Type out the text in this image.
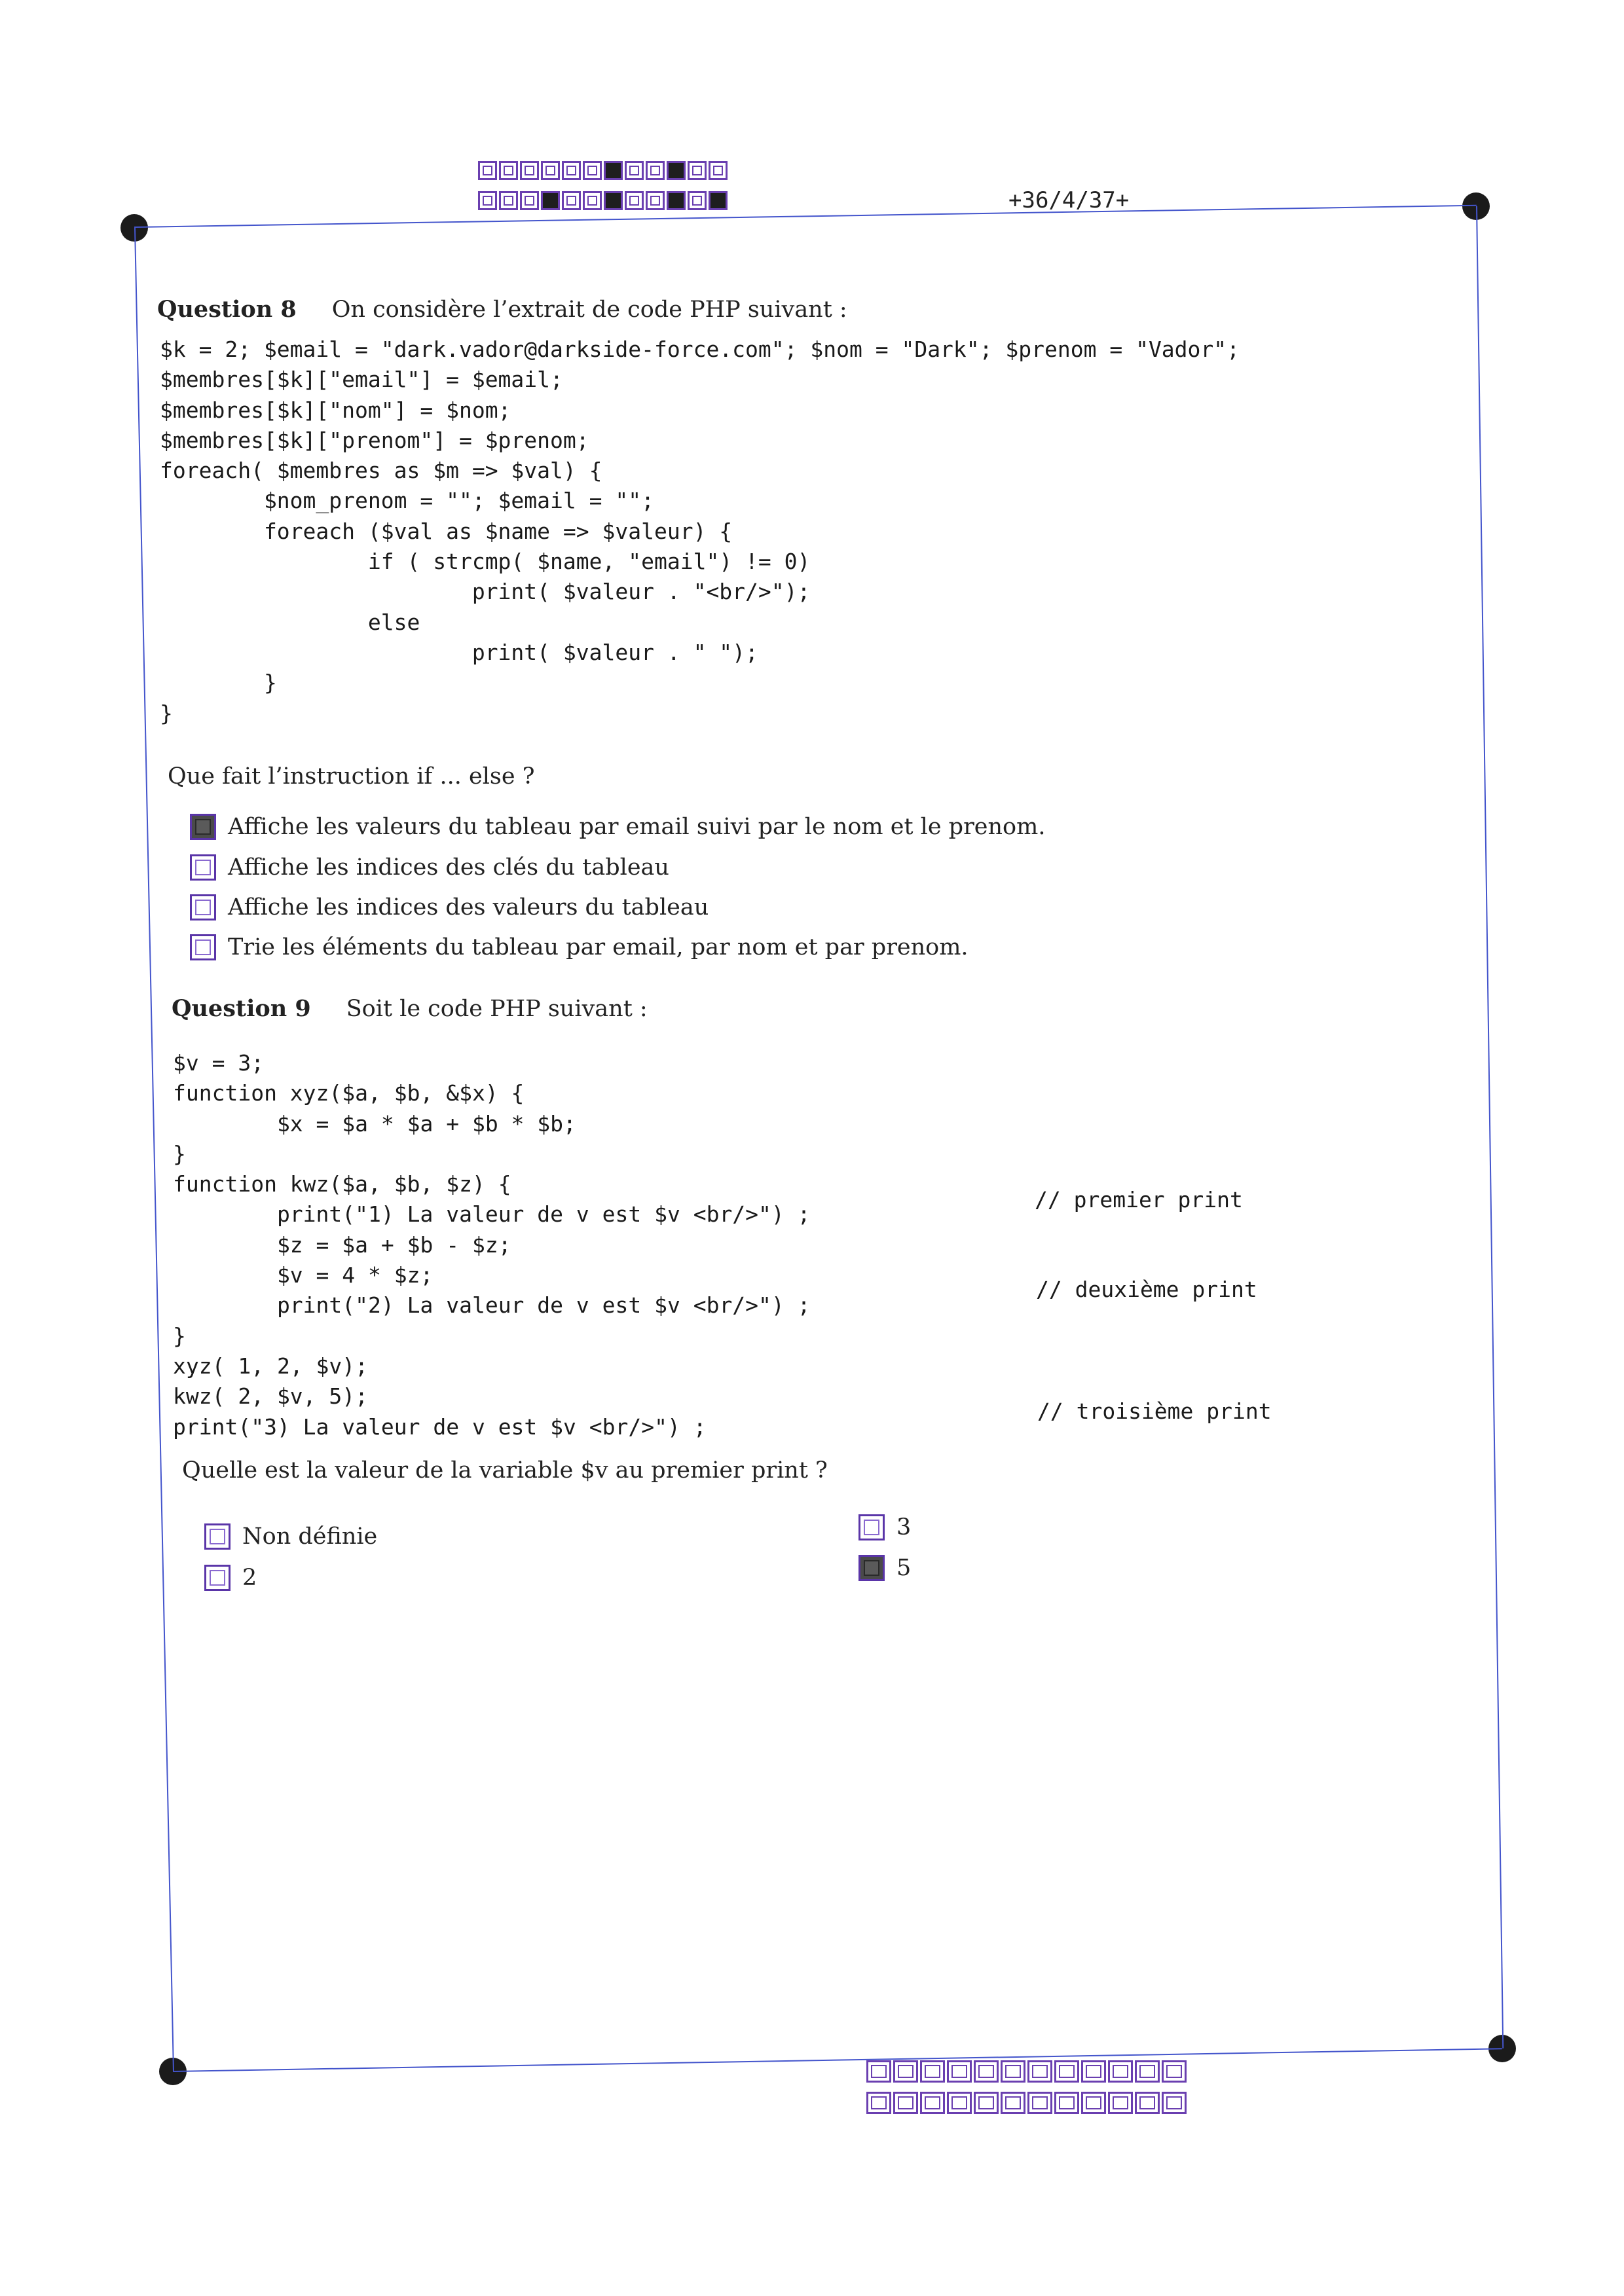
+36/4/37+
Question 8 On considère l’extrait de code PHP suivant :
$k = 2; $email = "dark.vador@darkside-force.com"; $nom = "Dark"; $prenom = "Vador";
$membres[$k]["email"] = $email;
$membres[$k]["nom"] = $nom;
$membres[$k]["prenom"] = $prenom;
foreach( $membres as $m => $val) {
$nom_prenom = ""; $email = "";
foreach ($val as $name => $valeur) {
if ( strcmp( $name, "email") != 0)
print( $valeur . "<br/>");
else
print( $valeur . " ");
}
}
Que fait l’instruction if ... else ?
Affiche les valeurs du tableau par email suivi par le nom et le prenom.
Affiche les indices des clés du tableau
Affiche les indices des valeurs du tableau
Trie les éléments du tableau par email, par nom et par prenom.
Question 9 Soit le code PHP suivant :
$v = 3;
function xyz($a, $b, &$x) {
$x = $a * $a + $b * $b;
}
function kwz($a, $b, $z) {
print("1) La valeur de v est $v <br/>") ;
$z = $a + $b - $z;
$v = 4 * $z;
print("2) La valeur de v est $v <br/>") ;
}
xyz( 1, 2, $v);
kwz( 2, $v, 5);
print("3) La valeur de v est $v <br/>") ;
// premier print
// deuxième print
// troisième print
Quelle est la valeur de la variable $v au premier print ?
Non définie
2
3
5
